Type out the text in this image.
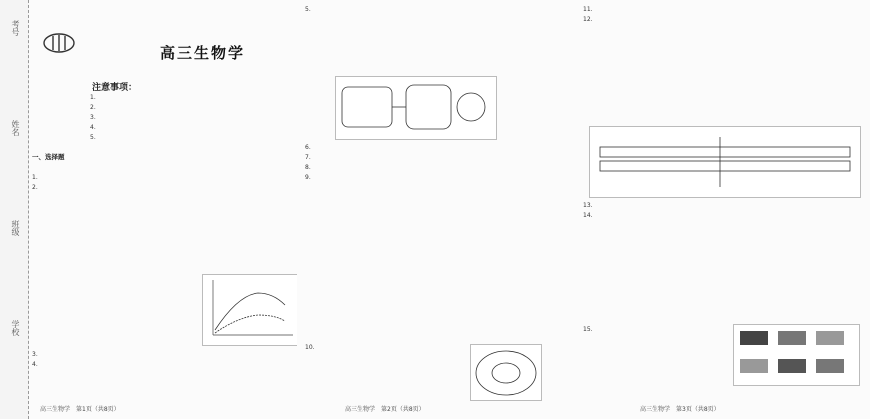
考号
姓名
班级
学校
高三生物学
注意事项：

1.

2.

3.

4.

5.

一、选择题

1.

2.

3.

4.

5.

6.

7.

8.

9.

10.

11.

12.

13.

14.

15.

高三生物学　第1页（共8页）	高三生物学　第2页（共8页）	高三生物学　第3页（共8页）
